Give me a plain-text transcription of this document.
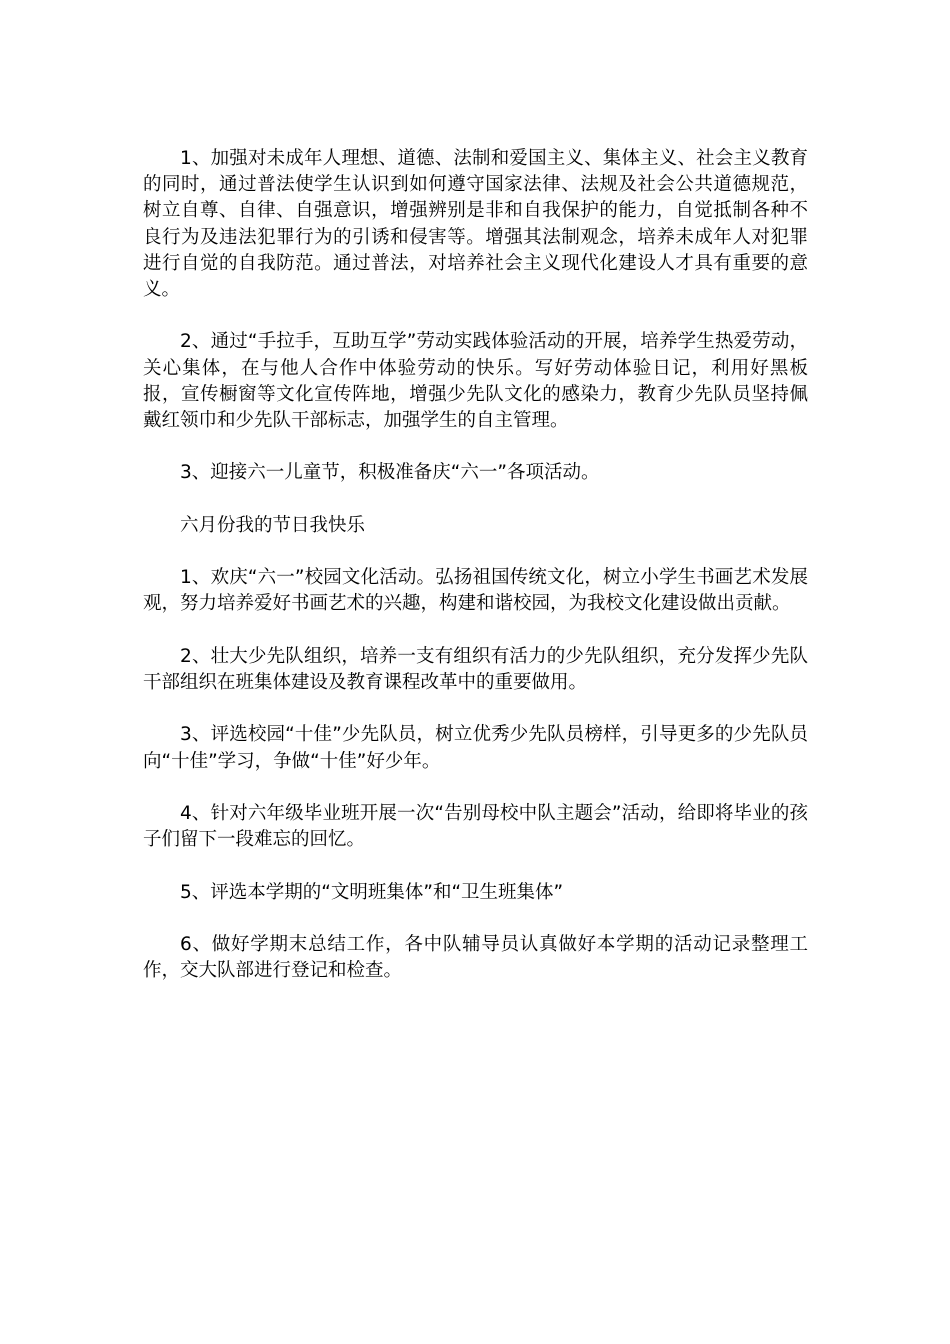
1、加强对未成年人理想、道德、法制和爱国主义、集体主义、社会主义教育的同时，通过普法使学生认识到如何遵守国家法律、法规及社会公共道德规范，树立自尊、自律、自强意识，增强辨别是非和自我保护的能力，自觉抵制各种不良行为及违法犯罪行为的引诱和侵害等。增强其法制观念，培养未成年人对犯罪进行自觉的自我防范。通过普法，对培养社会主义现代化建设人才具有重要的意义。

2、通过“手拉手，互助互学”劳动实践体验活动的开展，培养学生热爱劳动，关心集体，在与他人合作中体验劳动的快乐。写好劳动体验日记，利用好黑板报，宣传橱窗等文化宣传阵地，增强少先队文化的感染力，教育少先队员坚持佩戴红领巾和少先队干部标志，加强学生的自主管理。

3、迎接六一儿童节，积极准备庆“六一”各项活动。

六月份我的节日我快乐

1、欢庆“六一”校园文化活动。弘扬祖国传统文化，树立小学生书画艺术发展观，努力培养爱好书画艺术的兴趣，构建和谐校园，为我校文化建设做出贡献。

2、壮大少先队组织，培养一支有组织有活力的少先队组织，充分发挥少先队干部组织在班集体建设及教育课程改革中的重要做用。

3、评选校园“十佳”少先队员，树立优秀少先队员榜样，引导更多的少先队员向“十佳”学习，争做“十佳”好少年。

4、针对六年级毕业班开展一次“告别母校中队主题会”活动，给即将毕业的孩子们留下一段难忘的回忆。

5、评选本学期的“文明班集体”和“卫生班集体”

6、做好学期末总结工作，各中队辅导员认真做好本学期的活动记录整理工作，交大队部进行登记和检查。
